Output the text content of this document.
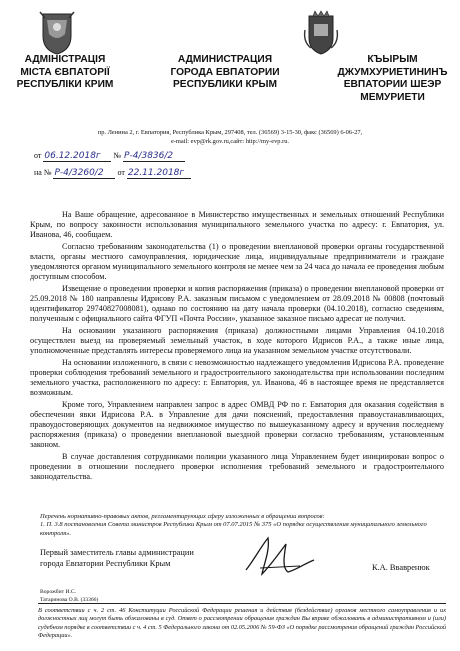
АДМІНІСТРАЦІЯ
МІСТА ЄВПАТОРІЇ
РЕСПУБЛІКИ КРИМ
АДМИНИСТРАЦИЯ
ГОРОДА ЕВПАТОРИИ
РЕСПУБЛИКИ КРЫМ
КЪЫРЫМ
ДЖУМХУРИЕТИНИНЪ
ЕВПАТОРИИ ШЕЭР
МЕМУРИЕТИ
пр. Ленина 2, г. Евпатория, Республика Крым, 297408, тел. (36569) 3-15-30, факс (36569) 6-06-27,
e-mail: evp@rk.gov.ru,сайт: http://my-evp.ru.
от 06.12.2018г № Р-4/3836/2
на № Р-4/3260/2 от 22.11.2018г

На Ваше обращение, адресованное в Министерство имущественных и земельных отношений Республики Крым, по вопросу законности использования муниципального земельного участка по адресу: г. Евпатория, ул. Иванова, 46, сообщаем.

Согласно требованиям законодательства (1) о проведении внеплановой проверки органы государственной власти, органы местного самоуправления, юридические лица, индивидуальные предприниматели и граждане уведомляются органом муниципального земельного контроля не менее чем за 24 часа до начала ее проведения любым доступным способом.

Извещение о проведении проверки и копия распоряжения (приказа) о проведении внеплановой проверки от 25.09.2018 № 180 направлены Идрисову Р.А. заказным письмом с уведомлением от 28.09.2018 № 00808 (почтовый идентификатор 29740827008081), однако по состоянию на дату начала проверки (04.10.2018), согласно сведениям, полученным с официального сайта ФГУП «Почта России», указанное заказное письмо адресат не получил.

На основании указанного распоряжения (приказа) должностными лицами Управления 04.10.2018 осуществлен выезд на проверяемый земельный участок, в ходе которого Идрисов Р.А., а также иные лица, уполномоченные представлять интересы проверяемого лица на указанном земельном участке отсутствовали.

На основании изложенного, в связи с невозможностью надлежащего уведомления Идрисова Р.А. проведение проверки соблюдения требований земельного и градостроительного законодательства при использовании последним земельного участка, расположенного по адресу: г. Евпатория, ул. Иванова, 46 в настоящее время не представляется возможным.

Кроме того, Управлением направлен запрос в адрес ОМВД РФ по г. Евпатория для оказания содействия в обеспечении явки Идрисова Р.А. в Управление для дачи пояснений, предоставления правоустанавливающих, правоудостоверяющих документов на недвижимое имущество по вышеуказанному адресу и вручения последнему распоряжения (приказа) о проведении внеплановой выездной проверки согласно требованиям, установленным законом.

В случае доставления сотрудниками полиции указанного лица Управлением будет инициирован вопрос о проведении в отношении последнего проверки исполнения требований земельного и градостроительного законодательства.

Перечень нормативно-правовых актов, регламентирующих сферу изложенных в обращении вопросов:
1. П. 3.8 постановления Совета министров Республики Крым от 07.07.2015 № 375 «О порядке осуществления муниципального земельного контроля».
Первый заместитель главы администрации
города Евпатории Республики Крым	К.А. Ввавренюк
Ворожбит И.С.
Татаринова О.В. (33366)
В соответствии с ч. 2 ст. 46 Конституции Российской Федерации решения и действия (бездействие) органов местного самоуправления и их должностных лиц могут быть обжалованы в суд. Ответ о рассмотрении обращения граждан Вы вправе обжаловать в административном и (или) судебном порядке в соответствии с ч. 4 ст. 5 Федерального закона от 02.05.2006 № 59-ФЗ «О порядке рассмотрения обращений граждан Российской Федерации».
